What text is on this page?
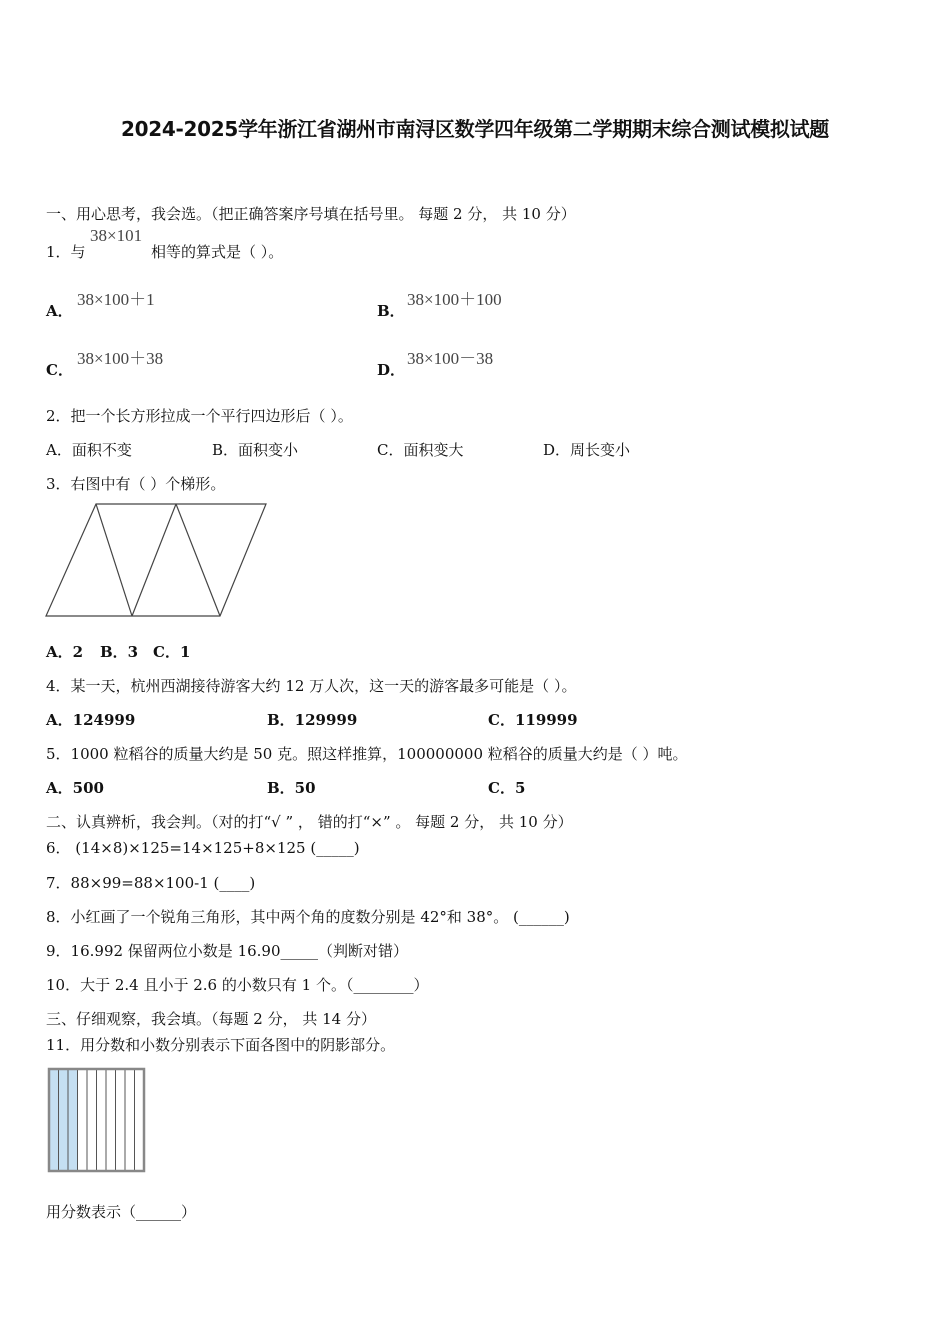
2024-2025学年浙江省湖州市南浔区数学四年级第二学期期末综合测试模拟试题
一、用心思考，我会选。（把正确答案序号填在括号里。 每题 2 分， 共 10 分）
1．与
38×101
相等的算式是（ ）。
A．
38×100＋1
B．
38×100＋100
C．
38×100＋38
D．
38×100－38
2．把一个长方形拉成一个平行四边形后（ ）。
A．面积不变	B．面积变小	C．面积变大	D．周长变小
3．右图中有（ ）个梯形。
A．2 B．3 C．1
4．某一天，杭州西湖接待游客大约 12 万人次，这一天的游客最多可能是（ ）。
A．124999	B．129999	C．119999
5．1000 粒稻谷的质量大约是 50 克。照这样推算，100000000 粒稻谷的质量大约是（ ）吨。
A．500	B．50	C．5
二、认真辨析，我会判。（对的打“√ ” ， 错的打“×” 。 每题 2 分， 共 10 分）
6． (14×8)×125=14×125+8×125 (_____)
7．88×99=88×100-1 (____)
8．小红画了一个锐角三角形，其中两个角的度数分别是 42°和 38°。 (______)
9．16.992 保留两位小数是 16.90_____（判断对错）
10．大于 2.4 且小于 2.6 的小数只有 1 个。（________）
三、仔细观察，我会填。（每题 2 分， 共 14 分）
11．用分数和小数分别表示下面各图中的阴影部分。
用分数表示（______）
